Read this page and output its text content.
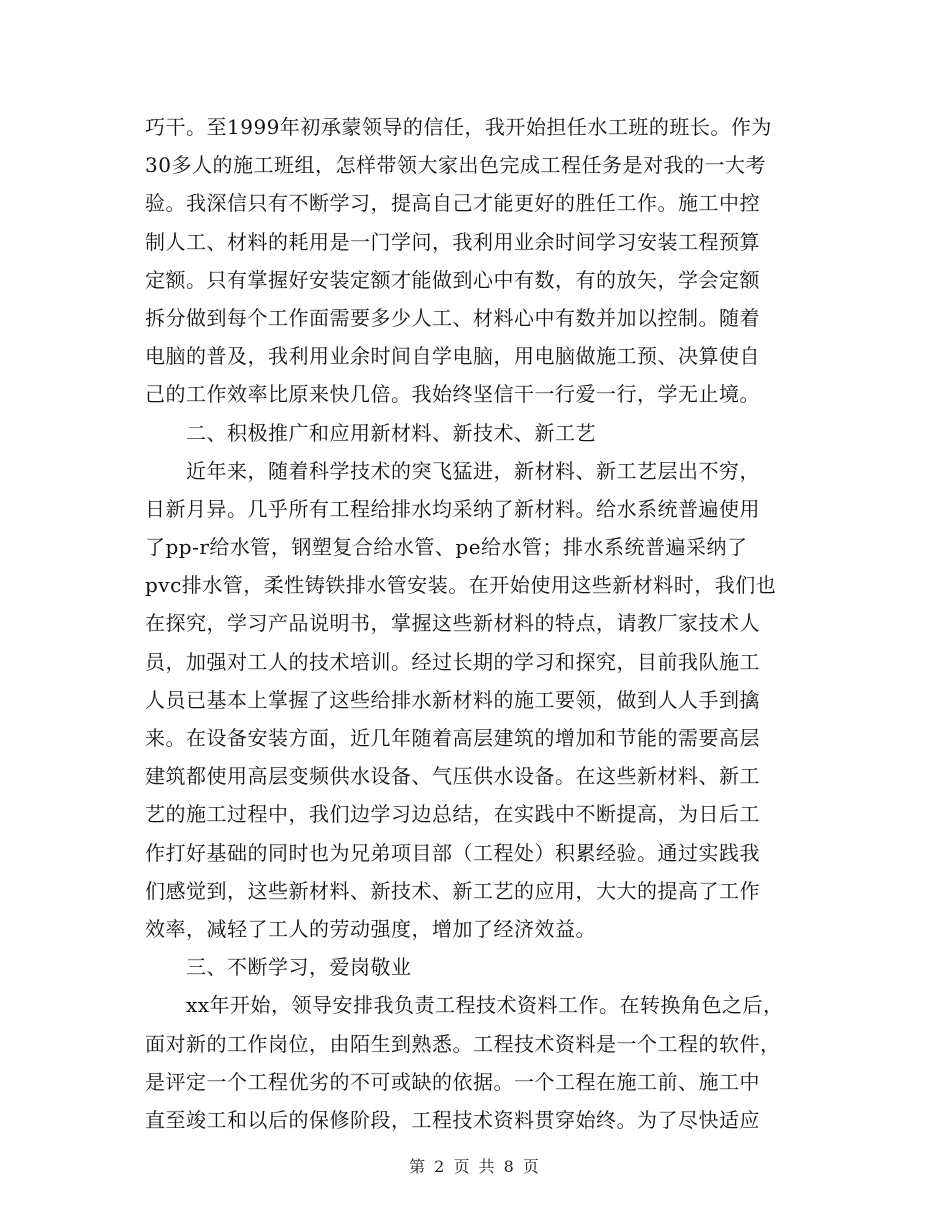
巧干。至1999年初承蒙领导的信任，我开始担任水工班的班长。作为
30多人的施工班组，怎样带领大家出色完成工程任务是对我的一大考
验。我深信只有不断学习，提高自己才能更好的胜任工作。施工中控
制人工、材料的耗用是一门学问，我利用业余时间学习安装工程预算
定额。只有掌握好安装定额才能做到心中有数，有的放矢，学会定额
拆分做到每个工作面需要多少人工、材料心中有数并加以控制。随着
电脑的普及，我利用业余时间自学电脑，用电脑做施工预、决算使自
己的工作效率比原来快几倍。我始终坚信干一行爱一行，学无止境。
二、积极推广和应用新材料、新技术、新工艺
近年来，随着科学技术的突飞猛进，新材料、新工艺层出不穷，
日新月异。几乎所有工程给排水均采纳了新材料。给水系统普遍使用
了pp-r给水管，钢塑复合给水管、pe给水管；排水系统普遍采纳了
pvc排水管，柔性铸铁排水管安装。在开始使用这些新材料时，我们也
在探究，学习产品说明书，掌握这些新材料的特点，请教厂家技术人
员，加强对工人的技术培训。经过长期的学习和探究，目前我队施工
人员已基本上掌握了这些给排水新材料的施工要领，做到人人手到擒
来。在设备安装方面，近几年随着高层建筑的增加和节能的需要高层
建筑都使用高层变频供水设备、气压供水设备。在这些新材料、新工
艺的施工过程中，我们边学习边总结，在实践中不断提高，为日后工
作打好基础的同时也为兄弟项目部（工程处）积累经验。通过实践我
们感觉到，这些新材料、新技术、新工艺的应用，大大的提高了工作
效率，减轻了工人的劳动强度，增加了经济效益。
三、不断学习，爱岗敬业
xx年开始，领导安排我负责工程技术资料工作。在转换角色之后，
面对新的工作岗位，由陌生到熟悉。工程技术资料是一个工程的软件，
是评定一个工程优劣的不可或缺的依据。一个工程在施工前、施工中
直至竣工和以后的保修阶段，工程技术资料贯穿始终。为了尽快适应
第 2 页 共 8 页
